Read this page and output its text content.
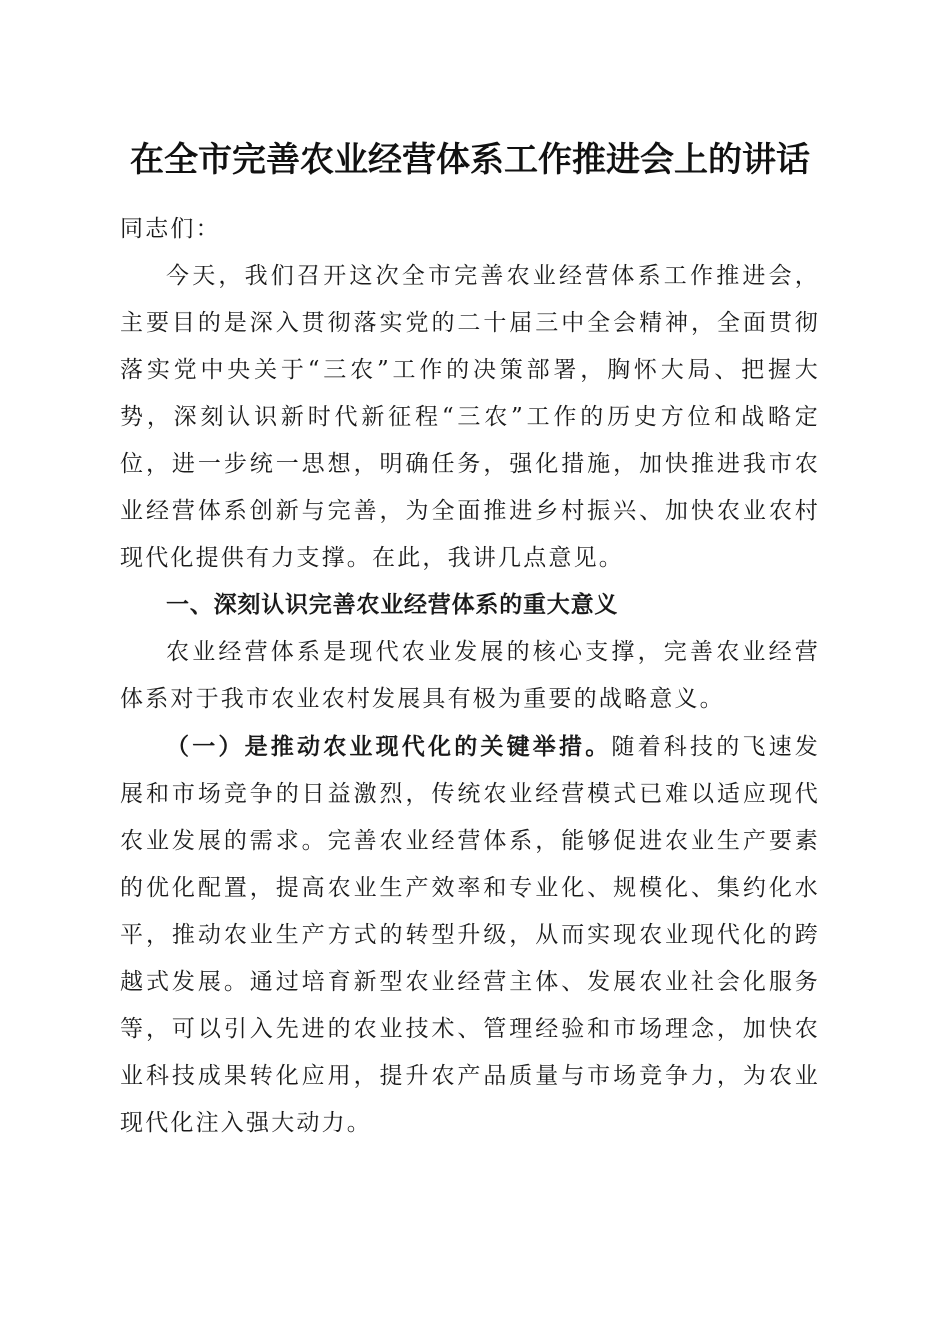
在全市完善农业经营体系工作推进会上的讲话

同志们：

今天，我们召开这次全市完善农业经营体系工作推进会，主要目的是深入贯彻落实党的二十届三中全会精神，全面贯彻落实党中央关于“三农”工作的决策部署，胸怀大局、把握大势，深刻认识新时代新征程“三农”工作的历史方位和战略定位，进一步统一思想，明确任务，强化措施，加快推进我市农业经营体系创新与完善，为全面推进乡村振兴、加快农业农村现代化提供有力支撑。在此，我讲几点意见。

一、深刻认识完善农业经营体系的重大意义

农业经营体系是现代农业发展的核心支撑，完善农业经营体系对于我市农业农村发展具有极为重要的战略意义。

（一）是推动农业现代化的关键举措。随着科技的飞速发展和市场竞争的日益激烈，传统农业经营模式已难以适应现代农业发展的需求。完善农业经营体系，能够促进农业生产要素的优化配置，提高农业生产效率和专业化、规模化、集约化水平，推动农业生产方式的转型升级，从而实现农业现代化的跨越式发展。通过培育新型农业经营主体、发展农业社会化服务等，可以引入先进的农业技术、管理经验和市场理念，加快农业科技成果转化应用，提升农产品质量与市场竞争力，为农业现代化注入强大动力。
